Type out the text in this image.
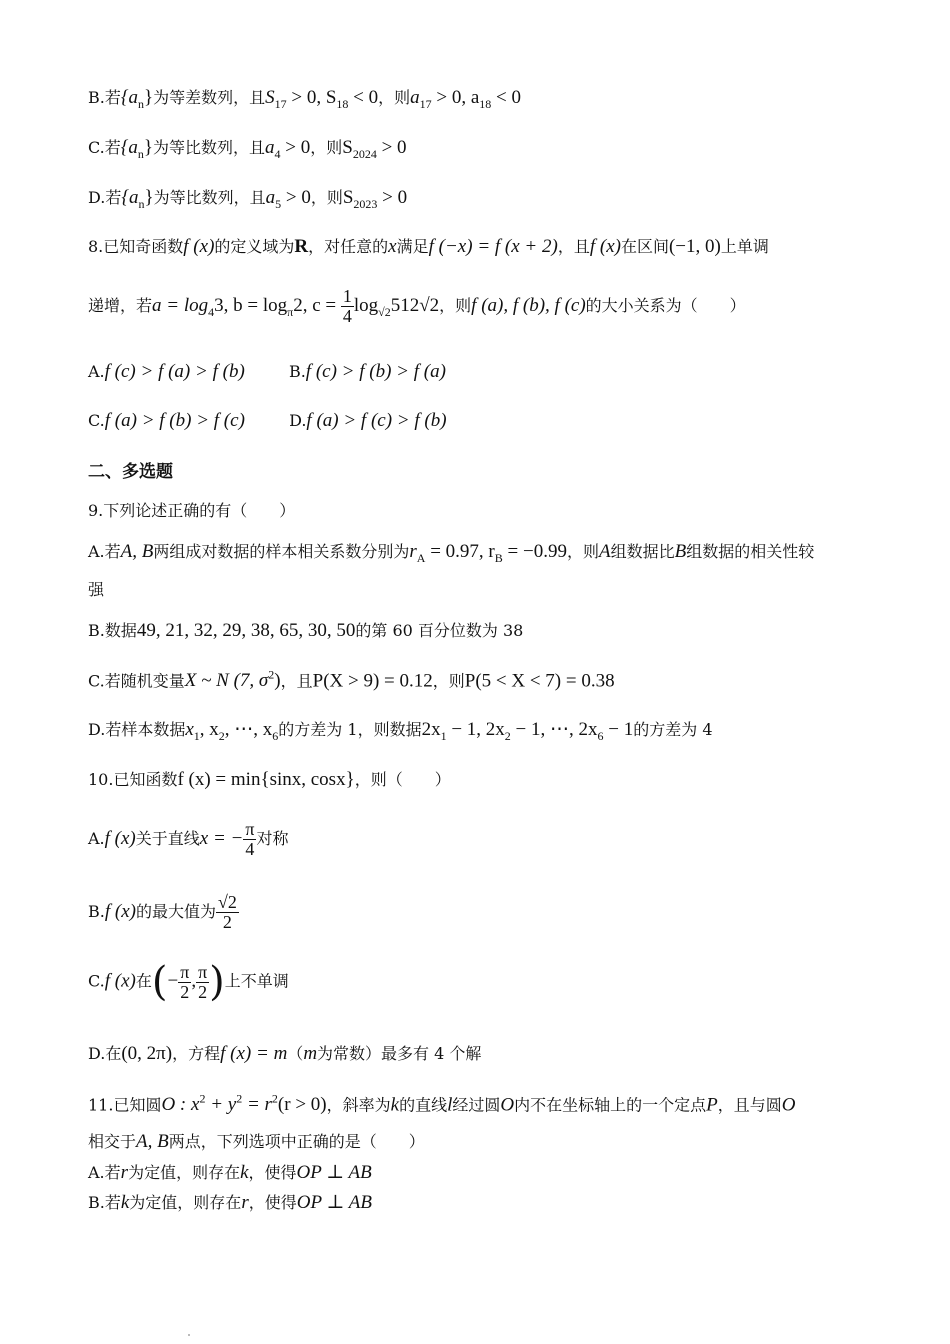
B.若$\{a_n\}$为等差数列，且$S_{17} > 0$, $S_{18} < 0$，则$a_{17} > 0$, $a_{18} < 0$
C.若$\{a_n\}$为等比数列，且$a_4 > 0$，则$S_{2024} > 0$
D.若$\{a_n\}$为等比数列，且$a_5 > 0$，则$S_{2023} > 0$
8.已知奇函数f (x)的定义域为R，对任意的x满足f (−x) = f (x + 2)，且f (x)在区间(−1, 0)上单调
递增，若$a = \log_43$, $b = \log_\pi 2$, $c = \frac{1}{4} \log_{√2}512√2$，则f (a), f (b), f (c)的大小关系为（　　）
A.f (c) > f (a) > f (b)	B.f (c) > f (b) > f (a)
C.f (a) > f (b) > f (c)	D.f (a) > f (c) > f (b)
二、多选题
9.下列论述正确的有（　　）
A.若A, B两组成对数据的样本相关系数分别为$r_A = 0.97$, $r_B = -0.99$，则A组数据比B组数据的相关性较
强
B.数据49, 21, 32, 29, 38, 65, 30, 50的第 60 百分位数为 38
C.若随机变量X ~ N (7, $\sigma^2$)，且P(X > 9) = 0.12，则P(5 < X < 7) = 0.38
D.若样本数据$x_1$, $x_2$, ⋯, $x_6$的方差为 1，则数据$2x_1 - 1$, $2x_2 - 1$, ⋯, $2x_6 - 1$的方差为 4
10.已知函数f (x) = min{sinx, cosx}，则（　　）
A.f (x)关于直线x = − $\frac{\pi}{4}$ 对称
B.f (x)的最大值为 $\frac{√2}{2}$
C.f (x)在(− $\frac{\pi}{2}$ , $\frac{\pi}{2}$ )上不单调
D.在(0, 2π)，方程f (x) = m（m为常数）最多有 4 个解
11.已知圆O : $x^2 + y^2 = r^2(r > 0)$，斜率为k的直线l经过圆O内不在坐标轴上的一个定点P，且与圆O
相交于A, B两点，下列选项中正确的是（　　）
A.若r为定值，则存在k，使得OP ⊥ AB
B.若k为定值，则存在r，使得OP ⊥ AB
